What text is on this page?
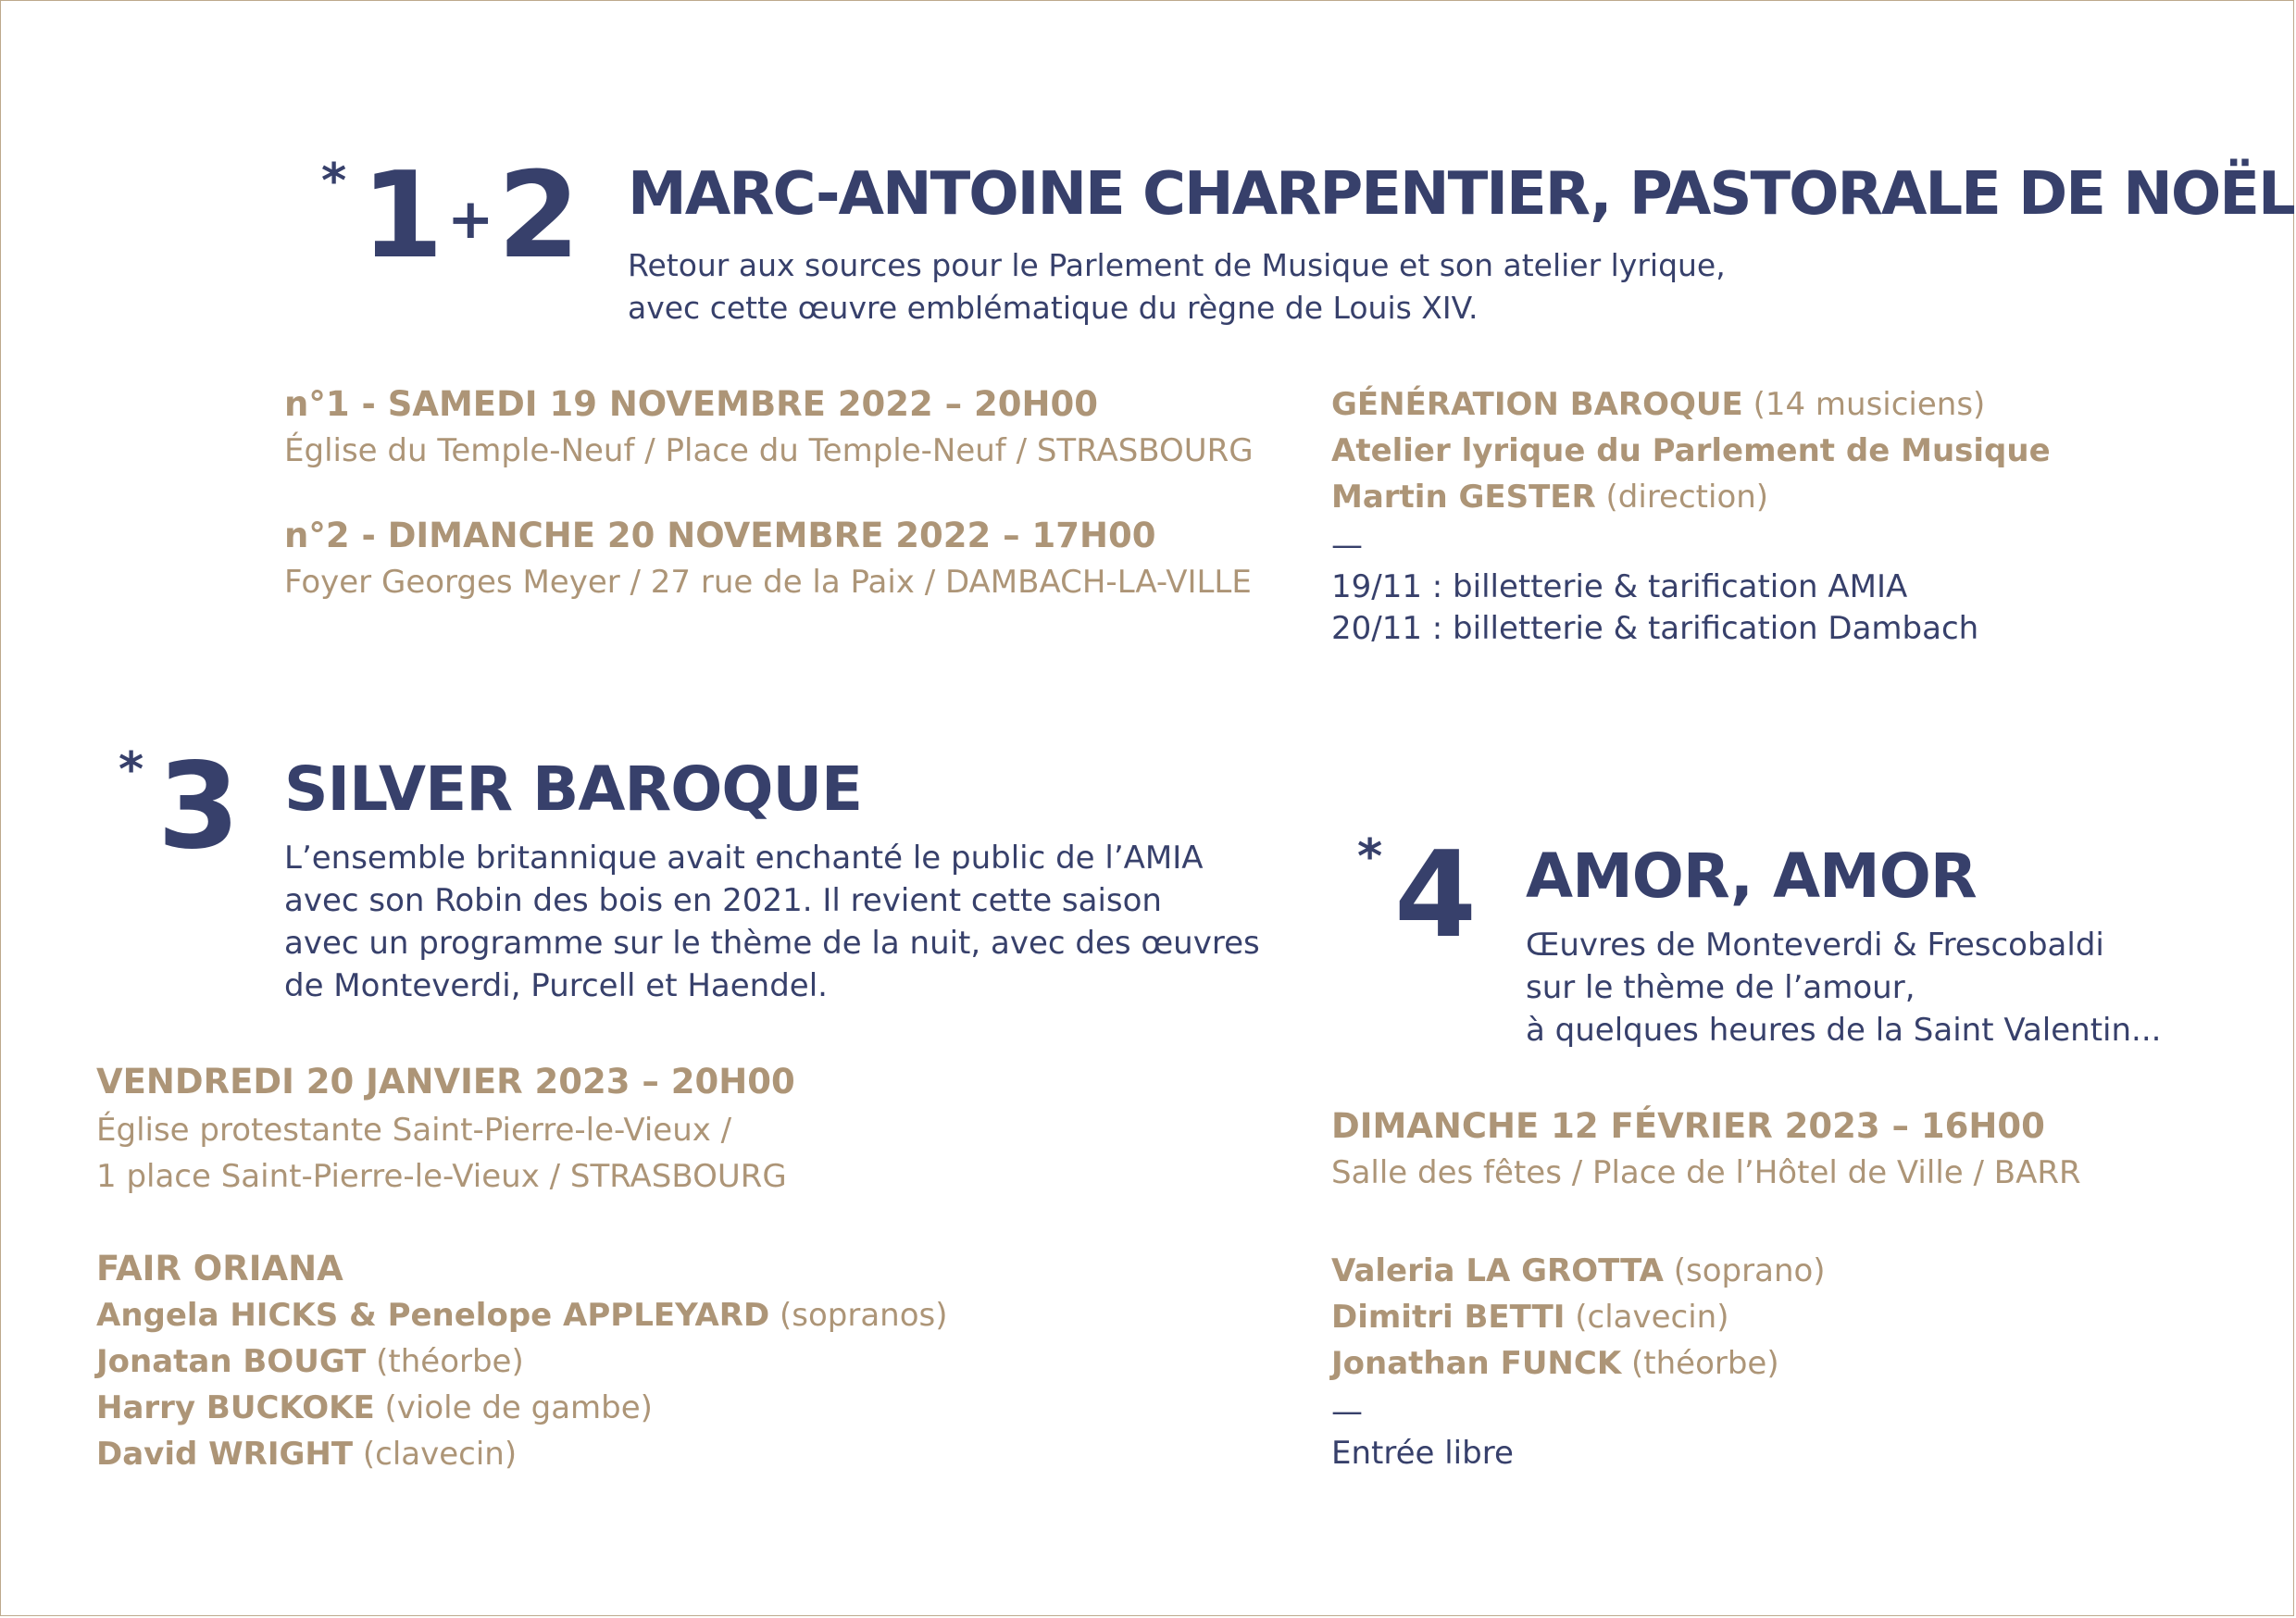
* 1+2 MARC-ANTOINE CHARPENTIER, PASTORALE DE NOËL
Retour aux sources pour le Parlement de Musique et son atelier lyrique,
avec cette œuvre emblématique du règne de Louis XIV.
n°1 - SAMEDI 19 NOVEMBRE 2022 – 20H00
Église du Temple-Neuf / Place du Temple-Neuf / STRASBOURG
n°2 - DIMANCHE 20 NOVEMBRE 2022 – 17H00
Foyer Georges Meyer / 27 rue de la Paix / DAMBACH-LA-VILLE
GÉNÉRATION BAROQUE (14 musiciens)
Atelier lyrique du Parlement de Musique
Martin GESTER (direction)
—
19/11 : billetterie & tarification AMIA
20/11 : billetterie & tarification Dambach
* 3 SILVER BAROQUE
L’ensemble britannique avait enchanté le public de l’AMIA
avec son Robin des bois en 2021. Il revient cette saison
avec un programme sur le thème de la nuit, avec des œuvres
de Monteverdi, Purcell et Haendel.
VENDREDI 20 JANVIER 2023 – 20H00
Église protestante Saint-Pierre-le-Vieux /
1 place Saint-Pierre-le-Vieux / STRASBOURG
FAIR ORIANA
Angela HICKS & Penelope APPLEYARD (sopranos)
Jonatan BOUGT (théorbe)
Harry BUCKOKE (viole de gambe)
David WRIGHT (clavecin)
* 4 AMOR, AMOR
Œuvres de Monteverdi & Frescobaldi
sur le thème de l’amour,
à quelques heures de la Saint Valentin...
DIMANCHE 12 FÉVRIER 2023 – 16H00
Salle des fêtes / Place de l’Hôtel de Ville / BARR
Valeria LA GROTTA (soprano)
Dimitri BETTI (clavecin)
Jonathan FUNCK (théorbe)
—
Entrée libre
